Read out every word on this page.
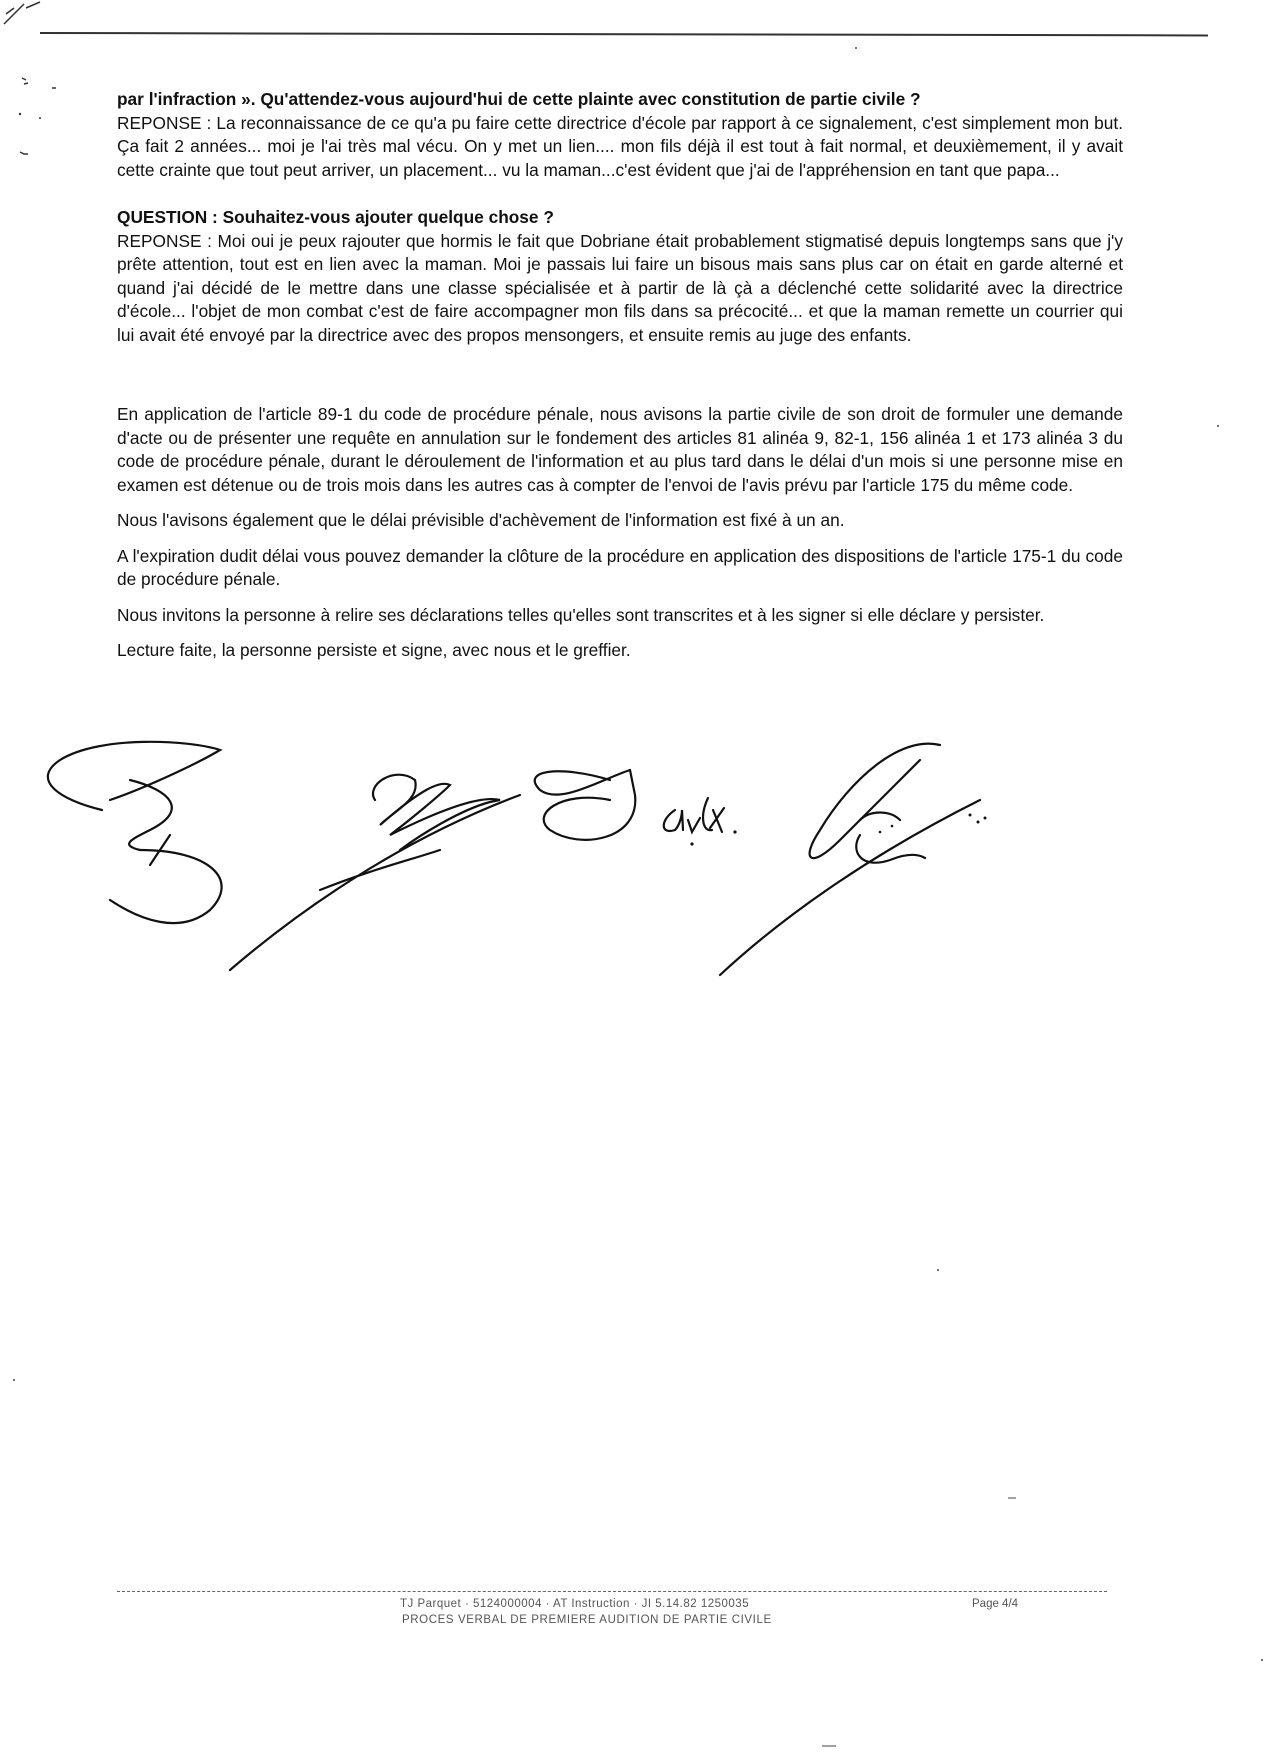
par l'infraction ». Qu'attendez-vous aujourd'hui de cette plainte avec constitution de partie civile ?
REPONSE : La reconnaissance de ce qu'a pu faire cette directrice d'école par rapport à ce signalement, c'est simplement mon but. Ça fait 2 années... moi je l'ai très mal vécu. On y met un lien.... mon fils déjà il est tout à fait normal, et deuxièmement, il y avait cette crainte que tout peut arriver, un placement... vu la maman...c'est évident que j'ai de l'appréhension en tant que papa...

QUESTION : Souhaitez-vous ajouter quelque chose ?
REPONSE : Moi oui je peux rajouter que hormis le fait que Dobriane était probablement stigmatisé depuis longtemps sans que j'y prête attention, tout est en lien avec la maman. Moi je passais lui faire un bisous mais sans plus car on était en garde alterné et quand j'ai décidé de le mettre dans une classe spécialisée et à partir de là çà a déclenché cette solidarité avec la directrice d'école... l'objet de mon combat c'est de faire accompagner mon fils dans sa précocité... et que la maman remette un courrier qui lui avait été envoyé par la directrice avec des propos mensongers, et ensuite remis au juge des enfants.

En application de l'article 89-1 du code de procédure pénale, nous avisons la partie civile de son droit de formuler une demande d'acte ou de présenter une requête en annulation sur le fondement des articles 81 alinéa 9, 82-1, 156 alinéa 1 et 173 alinéa 3 du code de procédure pénale, durant le déroulement de l'information et au plus tard dans le délai d'un mois si une personne mise en examen est détenue ou de trois mois dans les autres cas à compter de l'envoi de l'avis prévu par l'article 175 du même code.

Nous l'avisons également que le délai prévisible d'achèvement de l'information est fixé à un an.

A l'expiration dudit délai vous pouvez demander la clôture de la procédure en application des dispositions de l'article 175-1 du code de procédure pénale.

Nous invitons la personne à relire ses déclarations telles qu'elles sont transcrites et à les signer si elle déclare y persister.

Lecture faite, la personne persiste et signe, avec nous et le greffier.

TJ Parquet · 5124000004 · AT Instruction · JI 5.14.82 1250035	Page 4/4
PROCES VERBAL DE PREMIERE AUDITION DE PARTIE CIVILE
